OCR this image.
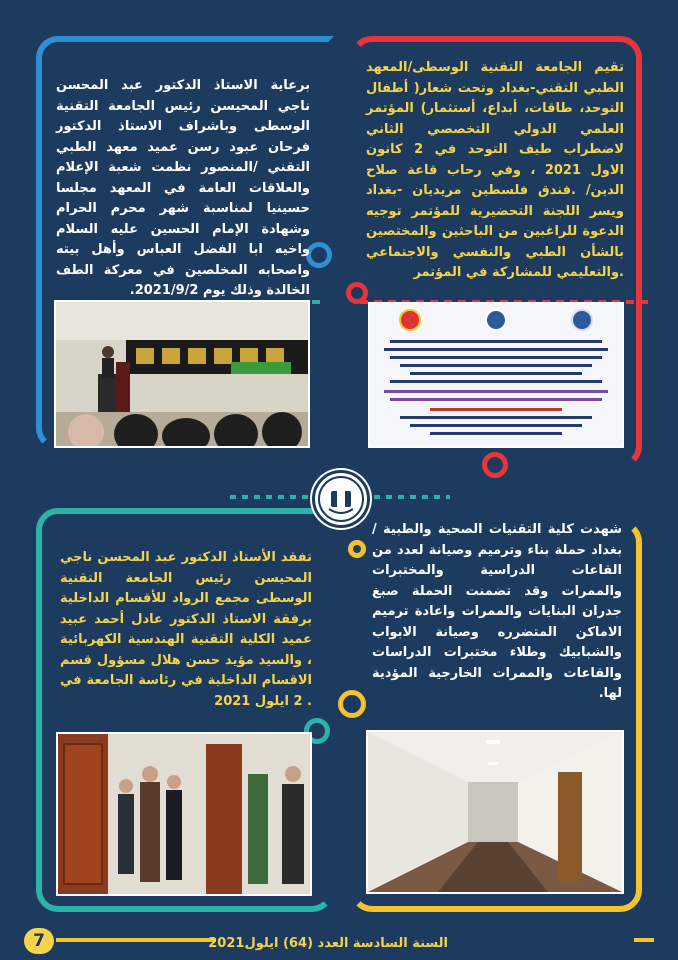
تقيم الجامعة التقنية الوسطى/المعهد الطبي التقني-بغداد وتحت شعار( أطفال التوحد، طاقات، أبداع، أستثمار) المؤتمر العلمي الدولي التخصصي الثاني لاضطراب طيف التوحد في 2 كانون الاول 2021 ، وفي رحاب قاعة صلاح الدين/ .فندق فلسطين مريديان -بغداد ويسر اللجنة التحضيرية للمؤتمر توجيه الدعوة للراغبين من الباحثين والمختصين بالشأن الطبي والنفسي والاجتماعي .والتعليمي للمشاركة في المؤتمر

برعاية الاستاذ الدكتور عبد المحسن ناجي المحيسن رئيس الجامعة التقنية الوسطى وباشراف الاستاذ الدكتور فرحان عبود رسن عميد معهد الطبي التقني /المنصور نظمت شعبة الإعلام والعلاقات العامة في المعهد مجلسا حسينيا لمناسبة شهر محرم الحرام وشهادة الإمام الحسين عليه السلام واخيه ابا الفضل العباس وأهل بيته واصحابه المخلصين في معركة الطف الخالدة وذلك يوم 2021/9/2.

شهدت كلية التقنيات الصحية والطبية / بغداد حملة بناء وترميم وصيانة لعدد من القاعات الدراسية والمختبرات والممرات وقد تضمنت الحملة صبغ جدران البنايات والممرات واعادة ترميم الاماكن المتضرره وصيانة الابواب والشبابيك وطلاء مختبرات الدراسات والقاعات والممرات الخارجية المؤدية لها.

تفقد الأستاذ الدكتور عبد المحسن ناجي المحيسن رئيس الجامعة التقنية الوسطى مجمع الرواد للأقسام الداخلية برفقة الاستاذ الدكتور عادل أحمد عبيد عميد الكلية التقنية الهندسية الكهربائية ، والسيد مؤيد حسن هلال مسؤول قسم الاقسام الداخلية في رئاسة الجامعة في . 2 ايلول 2021

السنة السادسة العدد (64) ايلول2021
7
